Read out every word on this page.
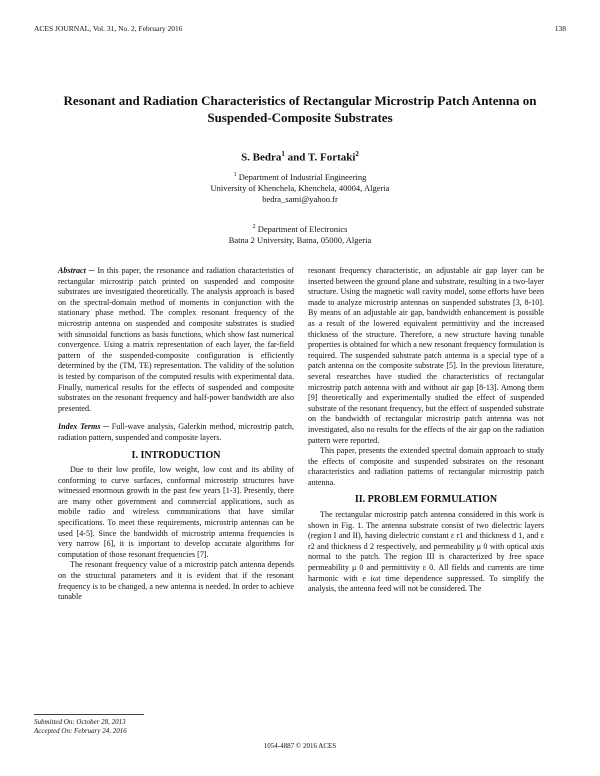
ACES JOURNAL, Vol. 31, No. 2, February 2016	138
Resonant and Radiation Characteristics of Rectangular Microstrip Patch Antenna on Suspended-Composite Substrates
S. Bedra$^1$ and T. Fortaki$^2$
$^1$ Department of Industrial Engineering
University of Khenchela, Khenchela, 40004, Algeria
bedra_sami@yahoo.fr
$^2$ Department of Electronics
Batna 2 University, Batna, 05000, Algeria

Abstract ─ In this paper, the resonance and radiation characteristics of rectangular microstrip patch printed on suspended and composite substrates are investigated theoretically. The analysis approach is based on the spectral-domain method of moments in conjunction with the stationary phase method. The complex resonant frequency of the microstrip antenna on suspended and composite substrates is studied with sinusoidal functions as basis functions, which show fast numerical convergence. Using a matrix representation of each layer, the far-field pattern of the suspended-composite configuration is efficiently determined by the (TM, TE) representation. The validity of the solution is tested by comparison of the computed results with experimental data. Finally, numerical results for the effects of suspended and composite substrates on the resonant frequency and half-power bandwidth are also presented.

Index Terms ─ Full-wave analysis, Galerkin method, microstrip patch, radiation pattern, suspended and composite layers.

I. INTRODUCTION

Due to their low profile, low weight, low cost and its ability of conforming to curve surfaces, conformal microstrip structures have witnessed enormous growth in the past few years [1-3]. Presently, there are many other government and commercial applications, such as mobile radio and wireless communications that have similar specifications. To meet these requirements, microstrip antennas can be used [4-5]. Since the bandwidth of microstrip antenna frequencies is very narrow [6], it is important to develop accurate algorithms for computation of those resonant frequencies [7].

The resonant frequency value of a microstrip patch antenna depends on the structural parameters and it is evident that if the resonant frequency is to be changed, a new antenna is needed. In order to achieve tunable

resonant frequency characteristic, an adjustable air gap layer can be inserted between the ground plane and substrate, resulting in a two-layer structure. Using the magnetic wall cavity model, some efforts have been made to analyze microstrip antennas on suspended substrates [3, 8-10]. By means of an adjustable air gap, bandwidth enhancement is possible as a result of the lowered equivalent permittivity and the increased thickness of the structure. Therefore, a new structure having tunable properties is obtained for which a new resonant frequency formulation is required. The suspended substrate patch antenna is a special type of a patch antenna on the composite substrate [5]. In the previous literature, several researches have studied the characteristics of rectangular microstrip patch antenna with and without air gap [8-13]. Among them [9] theoretically and experimentally studied the effect of suspended substrate of the resonant frequency, but the effect of suspended substrate on the bandwidth of rectangular microstrip patch antenna was not investigated, also no results for the effects of the air gap on the radiation pattern were reported.

This paper, presents the extended spectral domain approach to study the effects of composite and suspended substrates on the resonant characteristics and radiation patterns of rectangular microstrip patch antenna.

II. PROBLEM FORMULATION

The rectangular microstrip patch antenna considered in this work is shown in Fig. 1. The antenna substrate consist of two dielectric layers (region I and II), having dielectric constant ε r1 and thickness d 1, and ε r2 and thickness d 2 respectively, and permeability μ 0 with optical axis normal to the patch. The region III is characterized by free space permeability μ 0 and permittivity ε 0. All fields and currents are time harmonic with e iωt time dependence suppressed. To simplify the analysis, the antenna feed will not be considered. The

Submitted On: October 28, 2013
Accepted On: February 24, 2016
1054-4887 © 2016 ACES
